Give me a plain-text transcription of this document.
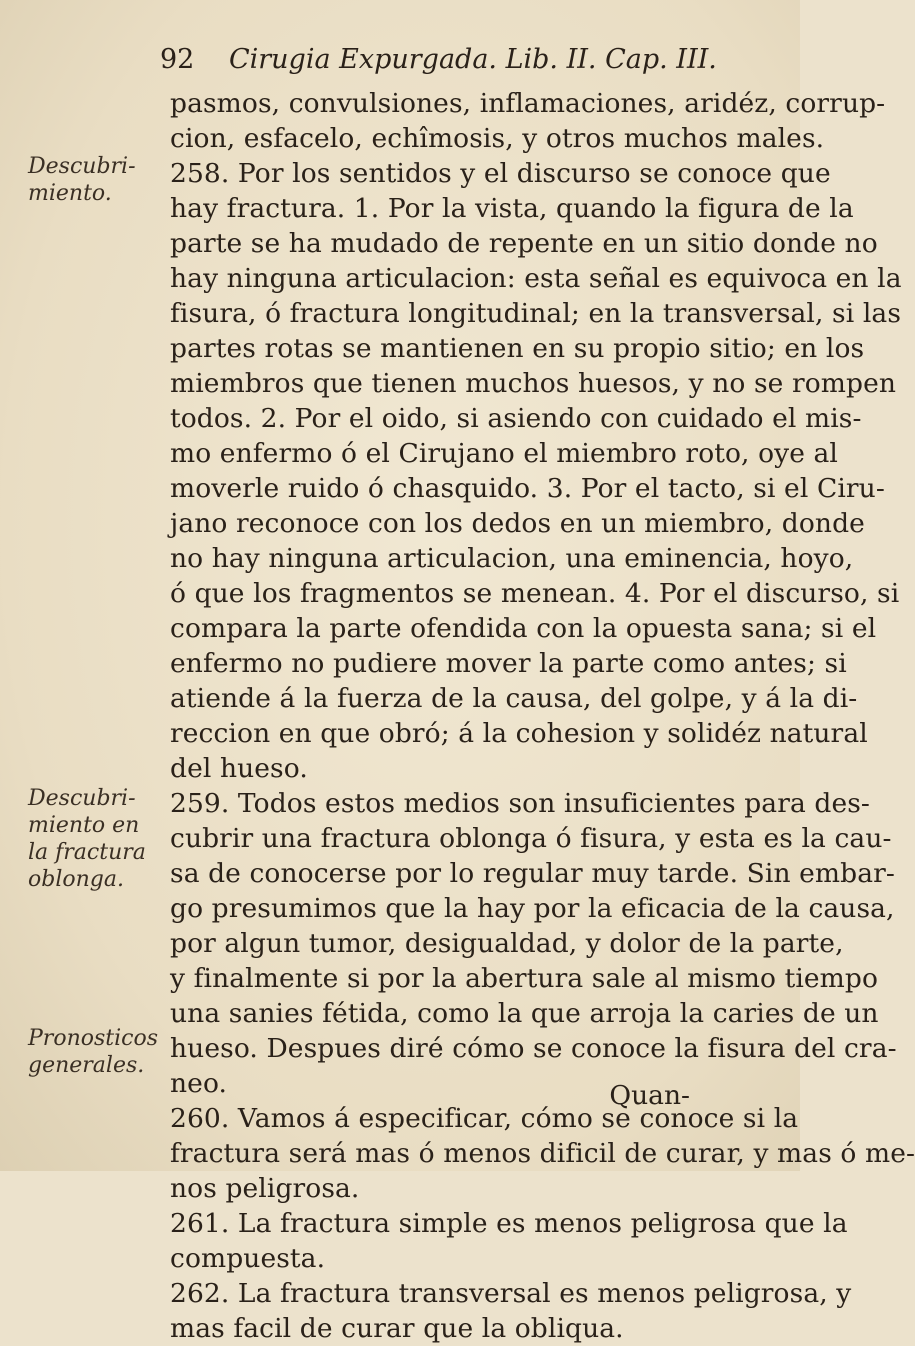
92 Cirugia Expurgada. Lib. II. Cap. III.
Descubri- miento.
Descubri- miento en la fractura oblonga.
Pronosticos generales.
pasmos, convulsiones, inflamaciones, aridéz, corrup-
cion, esfacelo, echîmosis, y otros muchos males.
258. Por los sentidos y el discurso se conoce que
hay fractura. 1. Por la vista, quando la figura de la
parte se ha mudado de repente en un sitio donde no
hay ninguna articulacion: esta señal es equivoca en la
fisura, ó fractura longitudinal; en la transversal, si las
partes rotas se mantienen en su propio sitio; en los
miembros que tienen muchos huesos, y no se rompen
todos. 2. Por el oido, si asiendo con cuidado el mis-
mo enfermo ó el Cirujano el miembro roto, oye al
moverle ruido ó chasquido. 3. Por el tacto, si el Ciru-
jano reconoce con los dedos en un miembro, donde
no hay ninguna articulacion, una eminencia, hoyo,
ó que los fragmentos se menean. 4. Por el discurso, si
compara la parte ofendida con la opuesta sana; si el
enfermo no pudiere mover la parte como antes; si
atiende á la fuerza de la causa, del golpe, y á la di-
reccion en que obró; á la cohesion y solidéz natural
del hueso.
259. Todos estos medios son insuficientes para des-
cubrir una fractura oblonga ó fisura, y esta es la cau-
sa de conocerse por lo regular muy tarde. Sin embar-
go presumimos que la hay por la eficacia de la causa,
por algun tumor, desigualdad, y dolor de la parte,
y finalmente si por la abertura sale al mismo tiempo
una sanies fétida, como la que arroja la caries de un
hueso. Despues diré cómo se conoce la fisura del cra-
neo.
260. Vamos á especificar, cómo se conoce si la
fractura será mas ó menos dificil de curar, y mas ó me-
nos peligrosa.
261. La fractura simple es menos peligrosa que la
compuesta.
262. La fractura transversal es menos peligrosa, y
mas facil de curar que la obliqua.
Quan-
